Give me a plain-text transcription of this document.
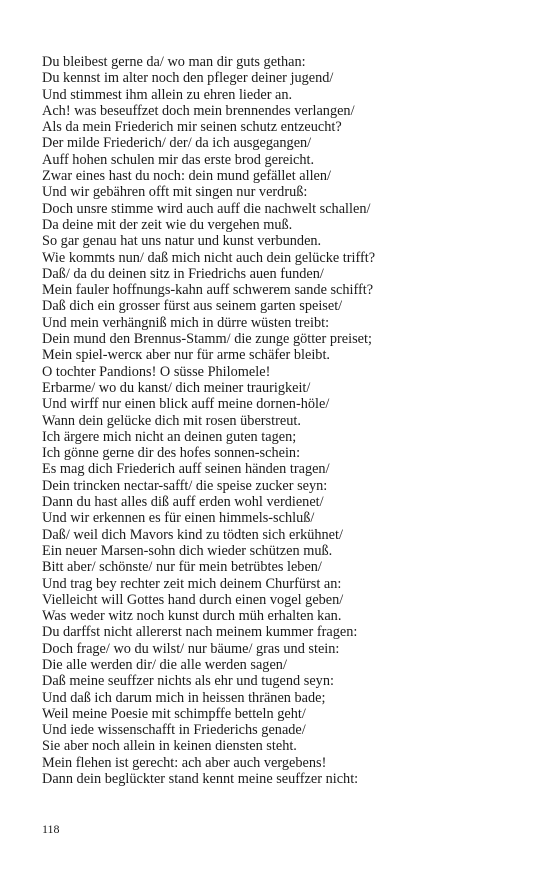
Du bleibest gerne da/ wo man dir guts gethan:
Du kennst im alter noch den pfleger deiner jugend/
Und stimmest ihm allein zu ehren lieder an.
Ach! was beseuffzet doch mein brennendes verlangen/
Als da mein Friederich mir seinen schutz entzeucht?
Der milde Friederich/ der/ da ich ausgegangen/
Auff hohen schulen mir das erste brod gereicht.
Zwar eines hast du noch: dein mund gefället allen/
Und wir gebähren offt mit singen nur verdruß:
Doch unsre stimme wird auch auff die nachwelt schallen/
Da deine mit der zeit wie du vergehen muß.
So gar genau hat uns natur und kunst verbunden.
Wie kommts nun/ daß mich nicht auch dein gelücke trifft?
Daß/ da du deinen sitz in Friedrichs auen funden/
Mein fauler hoffnungs-kahn auff schwerem sande schifft?
Daß dich ein grosser fürst aus seinem garten speiset/
Und mein verhängniß mich in dürre wüsten treibt:
Dein mund den Brennus-Stamm/ die zunge götter preiset;
Mein spiel-wercк aber nur für arme schäfer bleibt.
O tochter Pandions! O süsse Philomele!
Erbarme/ wo du kanst/ dich meiner traurigkeit/
Und wirff nur einen blick auff meine dornen-höle/
Wann dein gelücke dich mit rosen überstreut.
Ich ärgere mich nicht an deinen guten tagen;
Ich gönne gerne dir des hofes sonnen-schein:
Es mag dich Friederich auff seinen händen tragen/
Dein trincken nectar-safft/ die speise zucker seyn:
Dann du hast alles diß auff erden wohl verdienet/
Und wir erkennen es für einen himmels-schluß/
Daß/ weil dich Mavors kind zu tödten sich erkühnet/
Ein neuer Marsen-sohn dich wieder schützen muß.
Bitt aber/ schönste/ nur für mein betrübtes leben/
Und trag bey rechter zeit mich deinem Churfürst an:
Vielleicht will Gottes hand durch einen vogel geben/
Was weder witz noch kunst durch müh erhalten kan.
Du darffst nicht allererst nach meinem kummer fragen:
Doch frage/ wo du wilst/ nur bäume/ gras und stein:
Die alle werden dir/ die alle werden sagen/
Daß meine seuffzer nichts als ehr und tugend seyn:
Und daß ich darum mich in heissen thränen bade;
Weil meine Poesie mit schimpffe betteln geht/
Und iede wissenschafft in Friederichs genade/
Sie aber noch allein in keinen diensten steht.
Mein flehen ist gerecht: ach aber auch vergebens!
Dann dein beglückter stand kennt meine seuffzer nicht:
118
